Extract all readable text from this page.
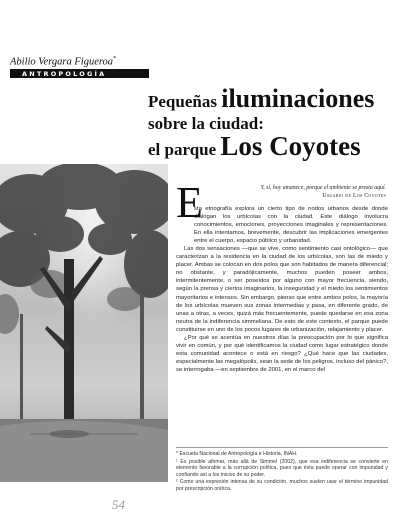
Abilio Vergara Figueroa*
ANTROPOLOGÍA
Pequeñas iluminaciones
sobre la ciudad:
el parque Los Coyotes
Y, sí, hoy amanece, porque el ambiente se presta aquí.
Usuario de Los Coyotes
E

sta etnografía explora un cierto tipo de nodos urbanos desde donde dialogan los urbícolas con la ciudad. Este diálogo involucra conocimientos, emociones, proyecciones imaginales y representaciones. En ella intentamos, brevemente, descubrir las implicaciones emergentes entre el cuerpo, espacio público y urbanidad.

Las dos sensaciones —que se vive, como sentimiento casi ontológico— que caracterizan a la residencia en la ciudad de los urbícolas, son las de miedo y placer. Ambas se colocan en dos polos que son habitados de manera diferencial; no obstante, y paradójicamente, muchos pueden poseer ambos, intermitentemente, o ser poseídos por alguno con mayor frecuencia, siendo, según la prensa y ciertos imaginarios, la inseguridad y el miedo los sentimientos mayoritarios e intensos. Sin embargo, pienso que entre ambos polos, la mayoría de los urbícolas mueven sus zonas intermedias y pasa, en diferente grado, de unas a otras, a veces, quizá más frecuentemente, puede quedarse en esa zona neutra de la indiferencia simmeliana. De esto de este contexto, el parque puede constituirse en uno de los pocos lugares de urbanización, relajamiento y placer.

¿Por qué se acentúa en nuestros días la preocupación por lo que significa vivir en común, y por qué identificamos la ciudad como lugar estratégico donde esta comunidad acontece o está en riesgo? ¿Qué hace que las ciudades, especialmente las megalópolis, sean la sede de los peligros, incluso del pánico?, se interrogaba —en septiembre de 2001, en el marco del

* Escuela Nacional de Antropología e Historia, INAH.

¹ Es posible afirmar, más allá de Simmel (2002), que esa indiferencia se convierte en elemento favorable a la corrupción política, pues que ésta puede operar con impunidad y confiando así a los inicios de su poder.

² Como una expresión intensa de su condición, muchos suelen usar el término impunidad por prescripción onírica.

54
